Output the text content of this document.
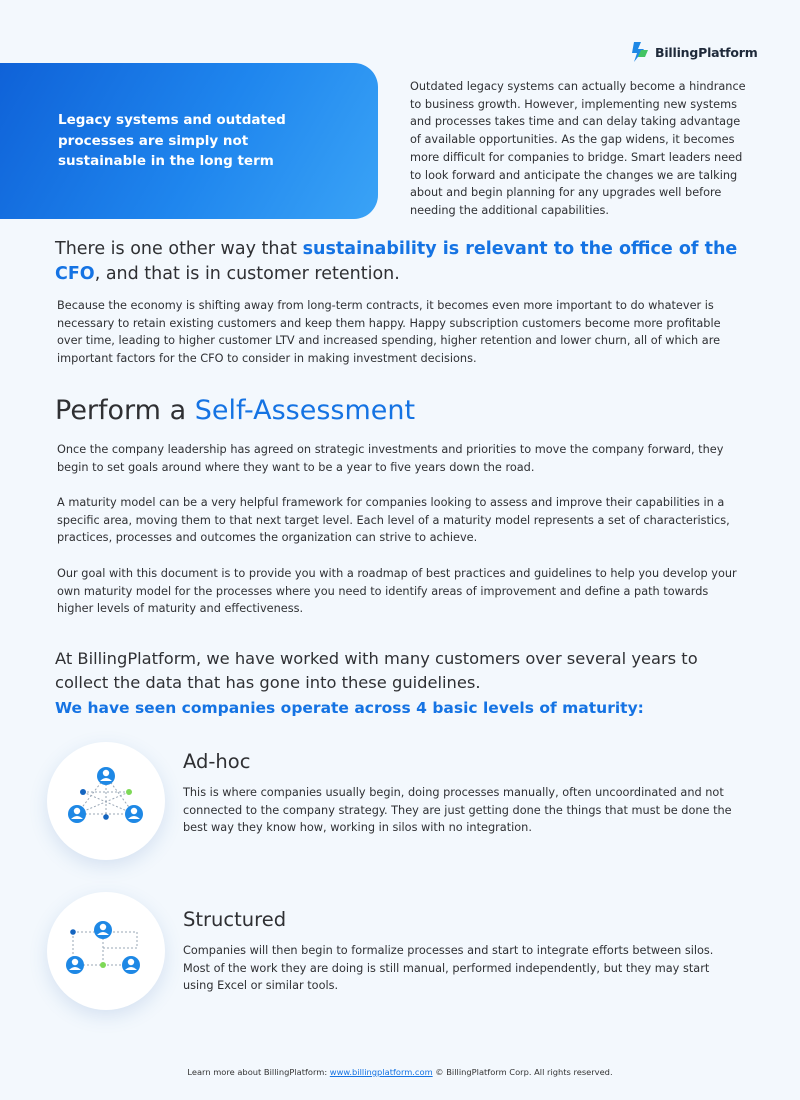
BillingPlatform
Legacy systems and outdated processes are simply not sustainable in the long term

Outdated legacy systems can actually become a hindrance to business growth. However, implementing new systems and processes takes time and can delay taking advantage of available opportunities. As the gap widens, it becomes more difficult for companies to bridge. Smart leaders need to look forward and anticipate the changes we are talking about and begin planning for any upgrades well before needing the additional capabilities.

There is one other way that sustainability is relevant to the office of the CFO, and that is in customer retention.

Because the economy is shifting away from long-term contracts, it becomes even more important to do whatever is necessary to retain existing customers and keep them happy. Happy subscription customers become more profitable over time, leading to higher customer LTV and increased spending, higher retention and lower churn, all of which are important factors for the CFO to consider in making investment decisions.

Perform a Self-Assessment

Once the company leadership has agreed on strategic investments and priorities to move the company forward, they begin to set goals around where they want to be a year to five years down the road.

A maturity model can be a very helpful framework for companies looking to assess and improve their capabilities in a specific area, moving them to that next target level. Each level of a maturity model represents a set of characteristics, practices, processes and outcomes the organization can strive to achieve.

Our goal with this document is to provide you with a roadmap of best practices and guidelines to help you develop your own maturity model for the processes where you need to identify areas of improvement and define a path towards higher levels of maturity and effectiveness.

At BillingPlatform, we have worked with many customers over several years to collect the data that has gone into these guidelines.

We have seen companies operate across 4 basic levels of maturity:

Ad-hoc

This is where companies usually begin, doing processes manually, often uncoordinated and not connected to the company strategy. They are just getting done the things that must be done the best way they know how, working in silos with no integration.

Structured

Companies will then begin to formalize processes and start to integrate efforts between silos. Most of the work they are doing is still manual, performed independently, but they may start using Excel or similar tools.

Learn more about BillingPlatform: www.billingplatform.com © BillingPlatform Corp. All rights reserved.
